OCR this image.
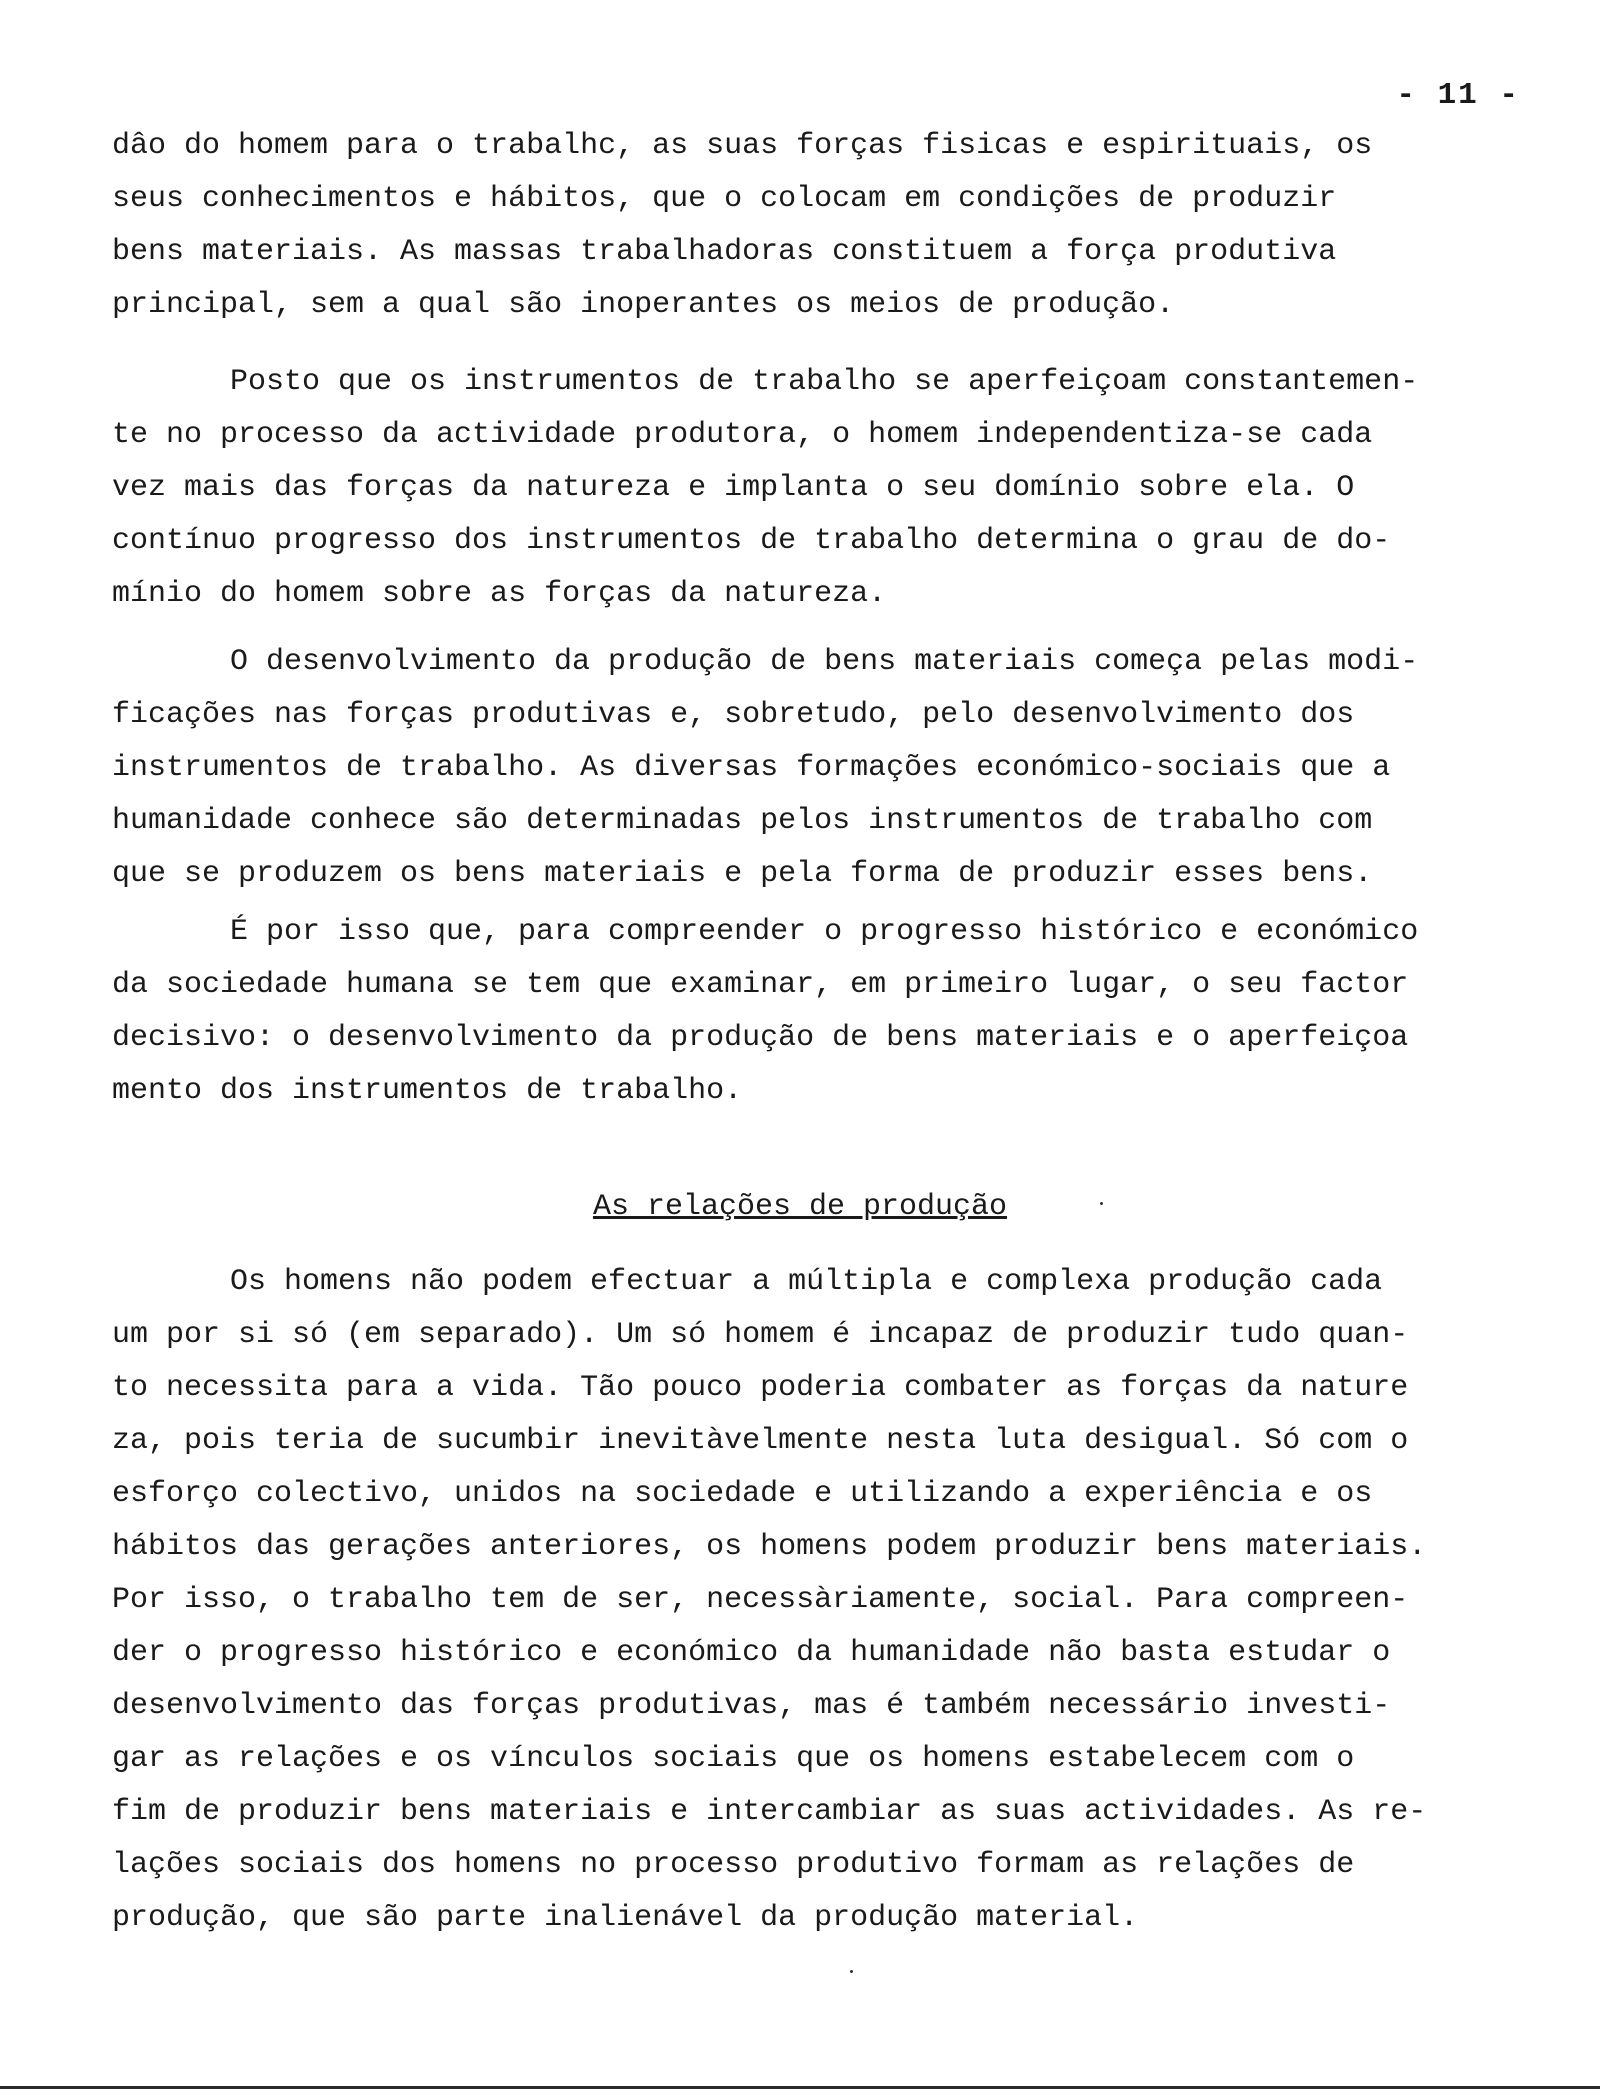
- 11 -
dâo do homem para o trabalhc, as suas forças fisicas e espirituais, os
seus conhecimentos e hábitos, que o colocam em condições de produzir
bens materiais. As massas trabalhadoras constituem a força produtiva
principal, sem a qual são inoperantes os meios de produção.
Posto que os instrumentos de trabalho se aperfeiçoam constantemen-
te no processo da actividade produtora, o homem independentiza-se cada
vez mais das forças da natureza e implanta o seu domínio sobre ela. O
contínuo progresso dos instrumentos de trabalho determina o grau de do-
mínio do homem sobre as forças da natureza.
O desenvolvimento da produção de bens materiais começa pelas modi-
ficações nas forças produtivas e, sobretudo, pelo desenvolvimento dos
instrumentos de trabalho. As diversas formações económico-sociais que a
humanidade conhece são determinadas pelos instrumentos de trabalho com
que se produzem os bens materiais e pela forma de produzir esses bens.
É por isso que, para compreender o progresso histórico e económico
da sociedade humana se tem que examinar, em primeiro lugar, o seu factor
decisivo: o desenvolvimento da produção de bens materiais e o aperfeiçoa
mento dos instrumentos de trabalho.
As relações de produção
Os homens não podem efectuar a múltipla e complexa produção cada
um por si só (em separado). Um só homem é incapaz de produzir tudo quan-
to necessita para a vida. Tão pouco poderia combater as forças da nature
za, pois teria de sucumbir inevitàvelmente nesta luta desigual. Só com o
esforço colectivo, unidos na sociedade e utilizando a experiência e os
hábitos das gerações anteriores, os homens podem produzir bens materiais.
Por isso, o trabalho tem de ser, necessàriamente, social. Para compreen-
der o progresso histórico e económico da humanidade não basta estudar o
desenvolvimento das forças produtivas, mas é também necessário investi-
gar as relações e os vínculos sociais que os homens estabelecem com o
fim de produzir bens materiais e intercambiar as suas actividades. As re-
lações sociais dos homens no processo produtivo formam as relações de
produção, que são parte inalienável da produção material.
